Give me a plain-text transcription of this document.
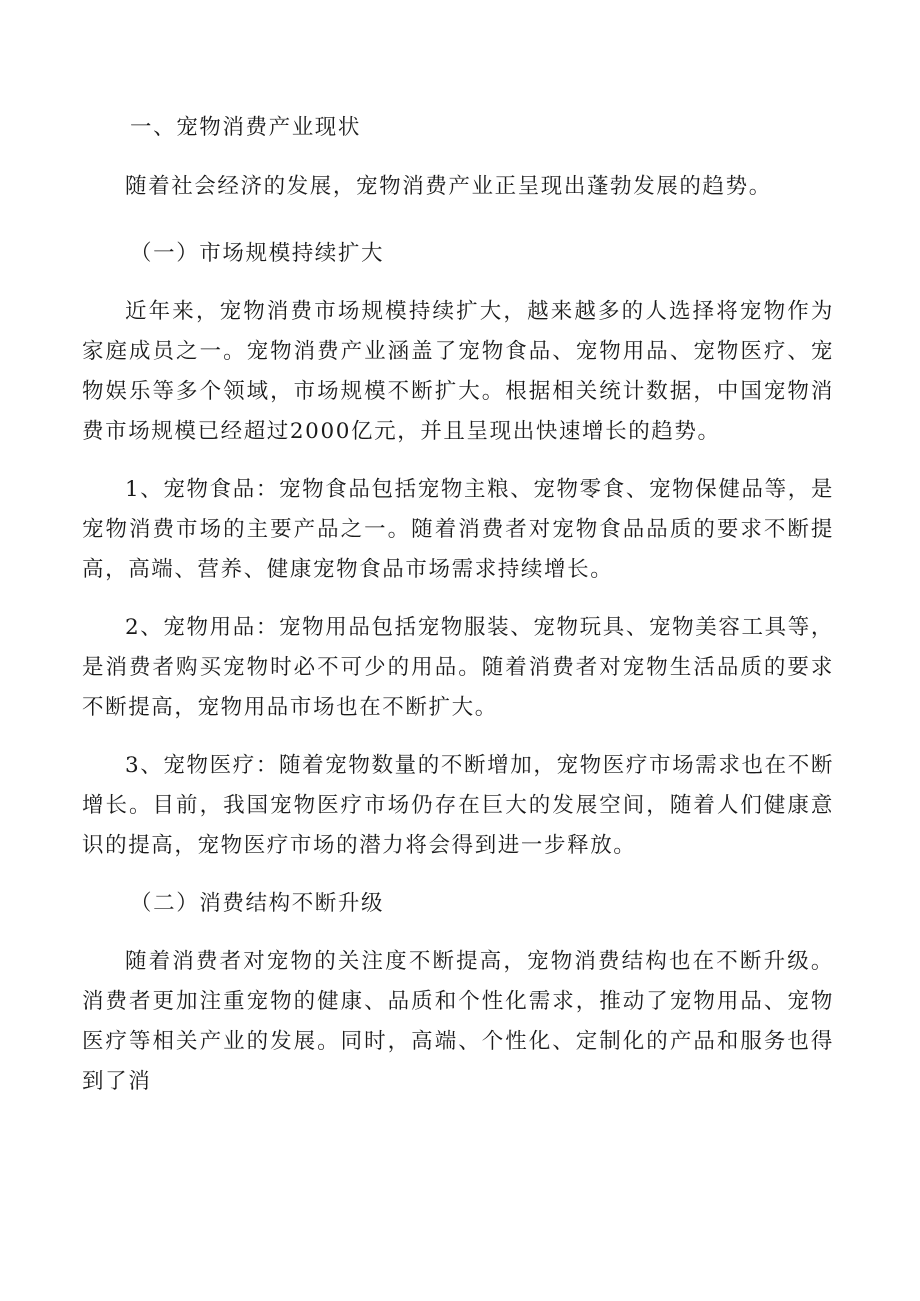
一、宠物消费产业现状

随着社会经济的发展，宠物消费产业正呈现出蓬勃发展的趋势。

（一）市场规模持续扩大

近年来，宠物消费市场规模持续扩大，越来越多的人选择将宠物作为家庭成员之一。宠物消费产业涵盖了宠物食品、宠物用品、宠物医疗、宠物娱乐等多个领域，市场规模不断扩大。根据相关统计数据，中国宠物消费市场规模已经超过2000亿元，并且呈现出快速增长的趋势。

1、宠物食品：宠物食品包括宠物主粮、宠物零食、宠物保健品等，是宠物消费市场的主要产品之一。随着消费者对宠物食品品质的要求不断提高，高端、营养、健康宠物食品市场需求持续增长。

2、宠物用品：宠物用品包括宠物服装、宠物玩具、宠物美容工具等，是消费者购买宠物时必不可少的用品。随着消费者对宠物生活品质的要求不断提高，宠物用品市场也在不断扩大。

3、宠物医疗：随着宠物数量的不断增加，宠物医疗市场需求也在不断增长。目前，我国宠物医疗市场仍存在巨大的发展空间，随着人们健康意识的提高，宠物医疗市场的潜力将会得到进一步释放。

（二）消费结构不断升级

随着消费者对宠物的关注度不断提高，宠物消费结构也在不断升级。消费者更加注重宠物的健康、品质和个性化需求，推动了宠物用品、宠物医疗等相关产业的发展。同时，高端、个性化、定制化的产品和服务也得到了消
